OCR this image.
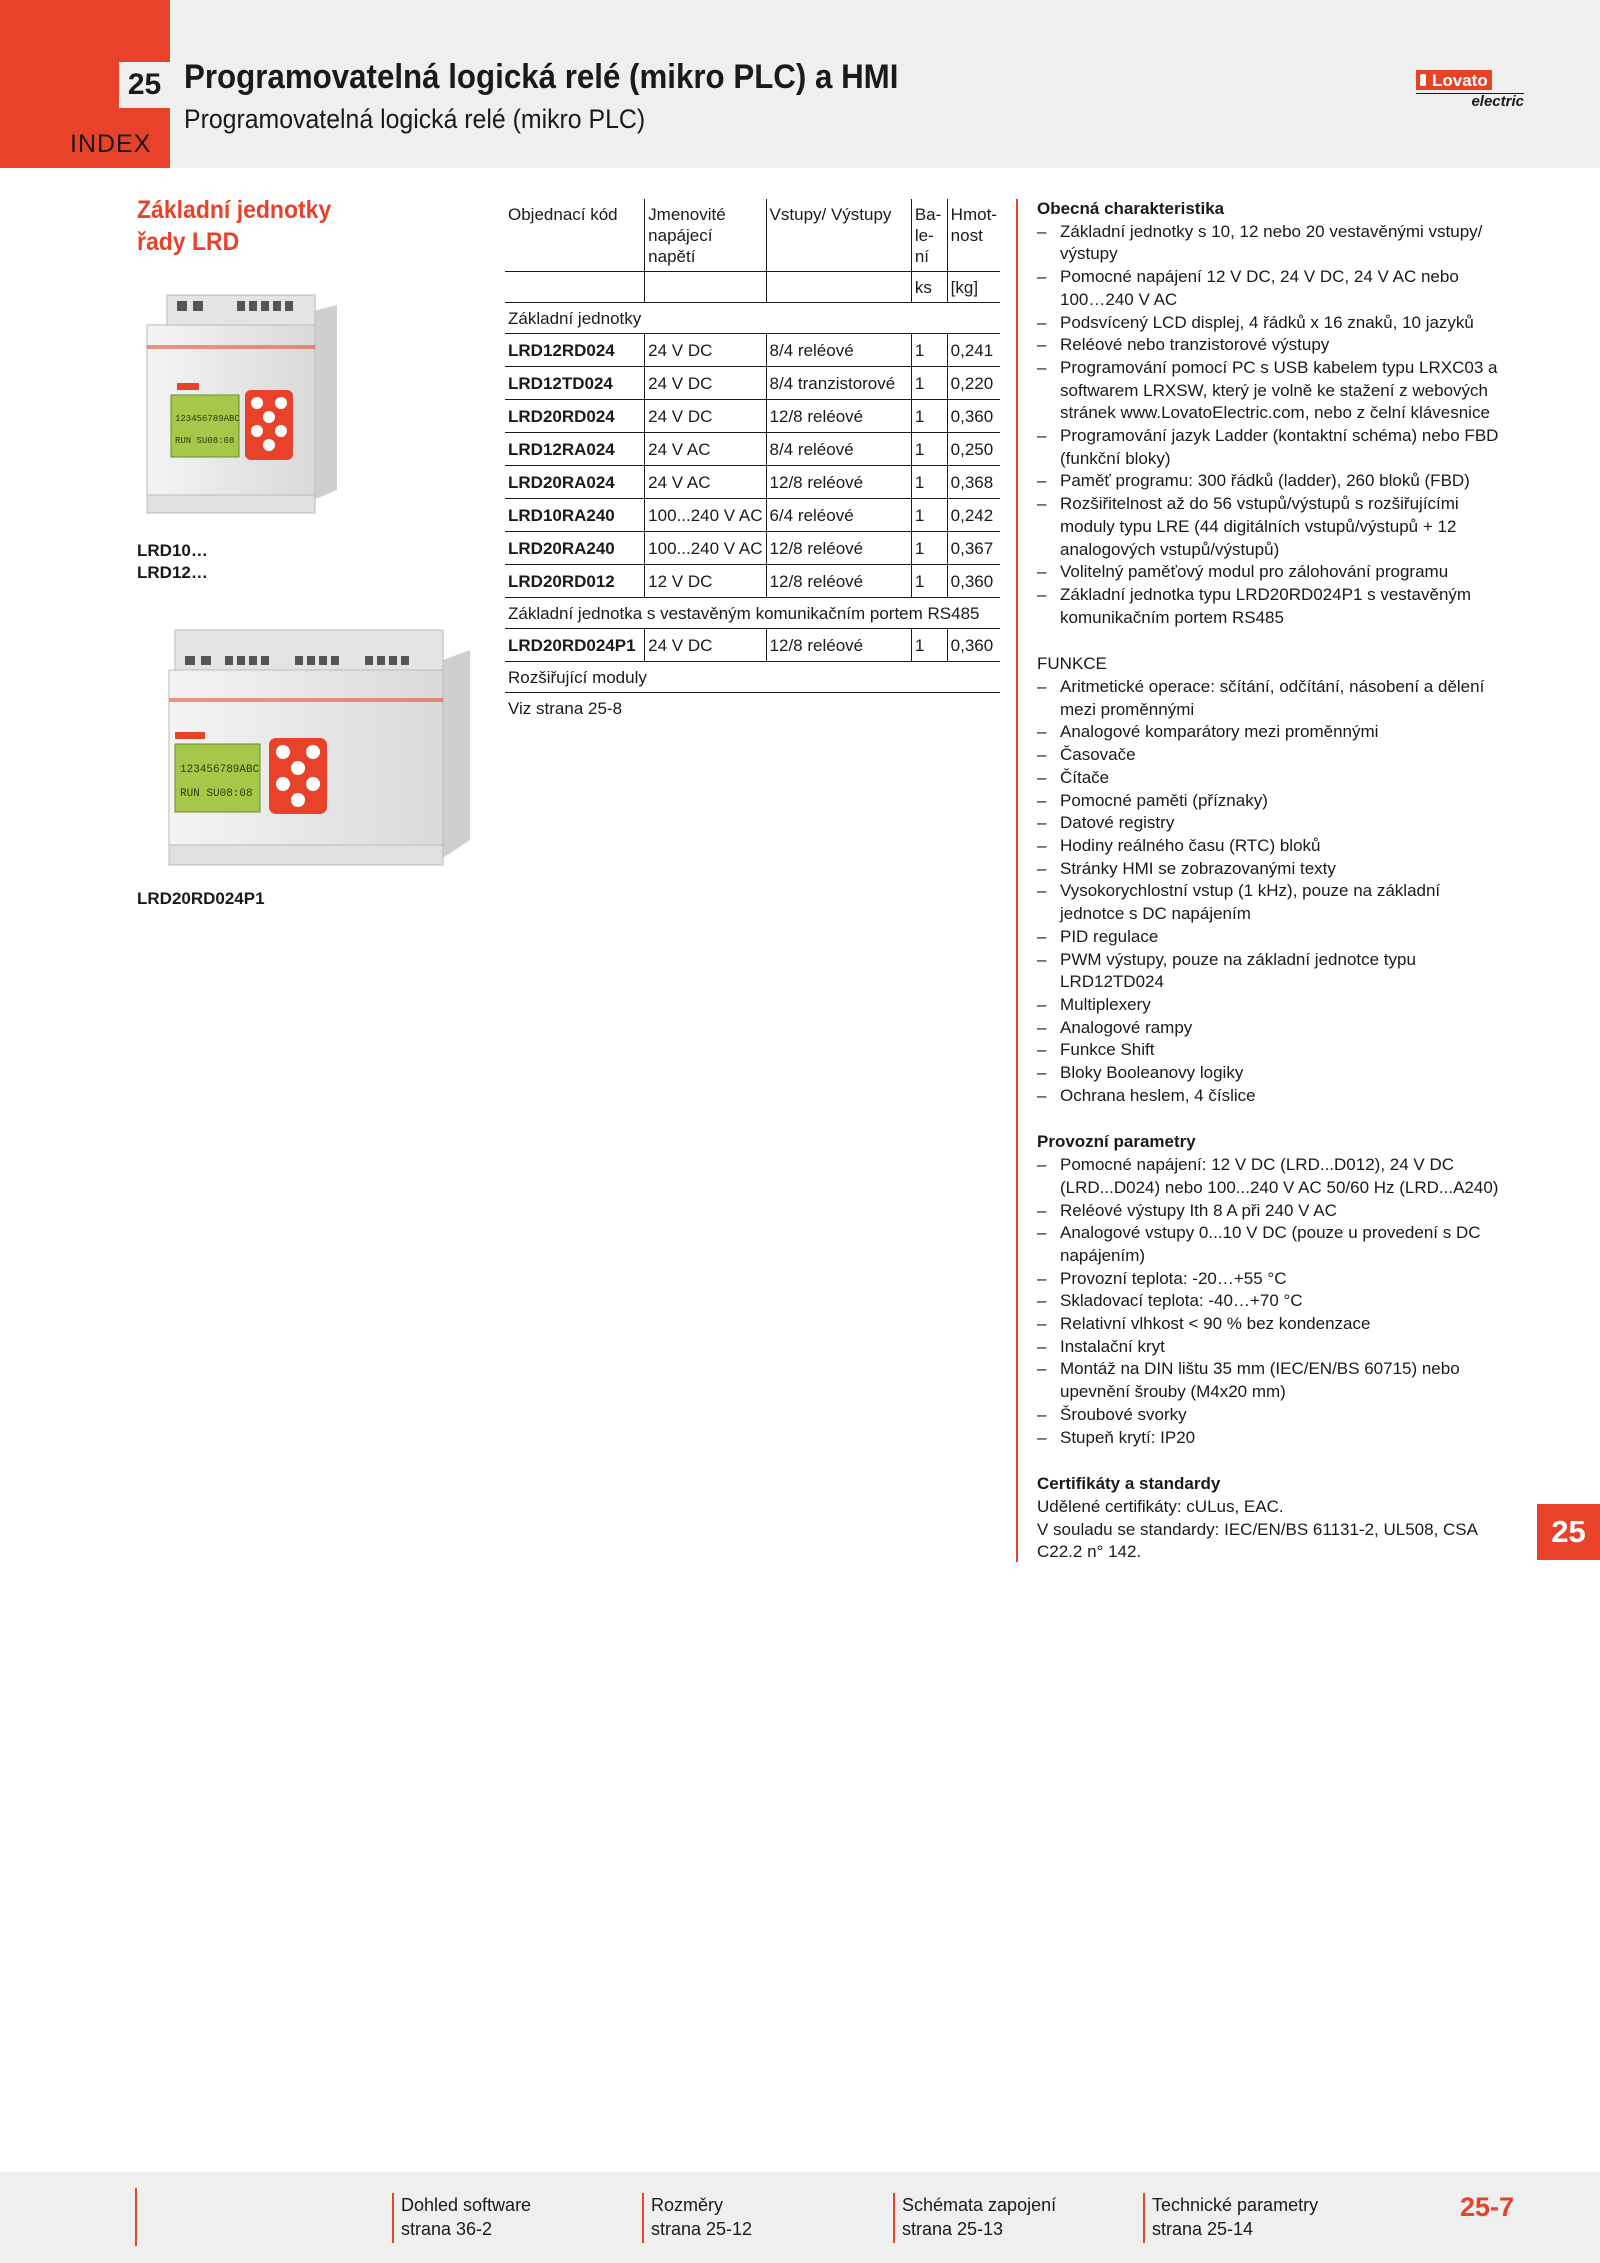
25
INDEX
Programovatelná logická relé (mikro PLC) a HMI
Programovatelná logická relé (mikro PLC)
Lovato
electric
Základní jednotky řady LRD
123456789ABC
RUN SU08:08
LRD10…
LRD12…
123456789ABC
RUN SU08:08
LRD20RD024P1
Objednací kód	Jmenovité napájecí napětí	Vstupy/ Výstupy	Ba- le- ní	Hmot- nost
			ks	[kg]
Základní jednotky				
LRD12RD024	24 V DC	8/4 reléové	1	0,241
LRD12TD024	24 V DC	8/4 tranzistorové	1	0,220
LRD20RD024	24 V DC	12/8 reléové	1	0,360
LRD12RA024	24 V AC	8/4 reléové	1	0,250
LRD20RA024	24 V AC	12/8 reléové	1	0,368
LRD10RA240	100...240 V AC	6/4 reléové	1	0,242
LRD20RA240	100...240 V AC	12/8 reléové	1	0,367
LRD20RD012	12 V DC	12/8 reléové	1	0,360
Základní jednotka s vestavěným komunikačním portem RS485				
LRD20RD024P1	24 V DC	12/8 reléové	1	0,360
Rozšiřující moduly				
Viz strana 25-8				
Obecná charakteristika
– Základní jednotky s 10, 12 nebo 20 vestavěnými vstupy/ výstupy
– Pomocné napájení 12 V DC, 24 V DC, 24 V AC nebo 100…240 V AC
– Podsvícený LCD displej, 4 řádků x 16 znaků, 10 jazyků
– Reléové nebo tranzistorové výstupy
– Programování pomocí PC s USB kabelem typu LRXC03 a softwarem LRXSW, který je volně ke stažení z webových stránek www.LovatoElectric.com, nebo z čelní klávesnice
– Programování jazyk Ladder (kontaktní schéma) nebo FBD (funkční bloky)
– Paměť programu: 300 řádků (ladder), 260 bloků (FBD)
– Rozšiřitelnost až do 56 vstupů/výstupů s rozšiřujícími moduly typu LRE (44 digitálních vstupů/výstupů + 12 analogových vstupů/výstupů)
– Volitelný paměťový modul pro zálohování programu
– Základní jednotka typu LRD20RD024P1 s vestavěným komunikačním portem RS485
FUNKCE
– Aritmetické operace: sčítání, odčítání, násobení a dělení mezi proměnnými
– Analogové komparátory mezi proměnnými
– Časovače
– Čítače
– Pomocné paměti (příznaky)
– Datové registry
– Hodiny reálného času (RTC) bloků
– Stránky HMI se zobrazovanými texty
– Vysokorychlostní vstup (1 kHz), pouze na základní jednotce s DC napájením
– PID regulace
– PWM výstupy, pouze na základní jednotce typu LRD12TD024
– Multiplexery
– Analogové rampy
– Funkce Shift
– Bloky Booleanovy logiky
– Ochrana heslem, 4 číslice
Provozní parametry
– Pomocné napájení: 12 V DC (LRD...D012), 24 V DC (LRD...D024) nebo 100...240 V AC 50/60 Hz (LRD...A240)
– Reléové výstupy Ith 8 A při 240 V AC
– Analogové vstupy 0...10 V DC (pouze u provedení s DC napájením)
– Provozní teplota: -20…+55 °C
– Skladovací teplota: -40…+70 °C
– Relativní vlhkost < 90 % bez kondenzace
– Instalační kryt
– Montáž na DIN lištu 35 mm (IEC/EN/BS 60715) nebo upevnění šrouby (M4x20 mm)
– Šroubové svorky
– Stupeň krytí: IP20
Certifikáty a standardy

Udělené certifikáty: cULus, EAC.

V souladu se standardy: IEC/EN/BS 61131-2, UL508, CSA C22.2 n° 142.

25
Dohled software
strana 36-2
Rozměry
strana 25-12
Schémata zapojení
strana 25-13
Technické parametry
strana 25-14
25-7
